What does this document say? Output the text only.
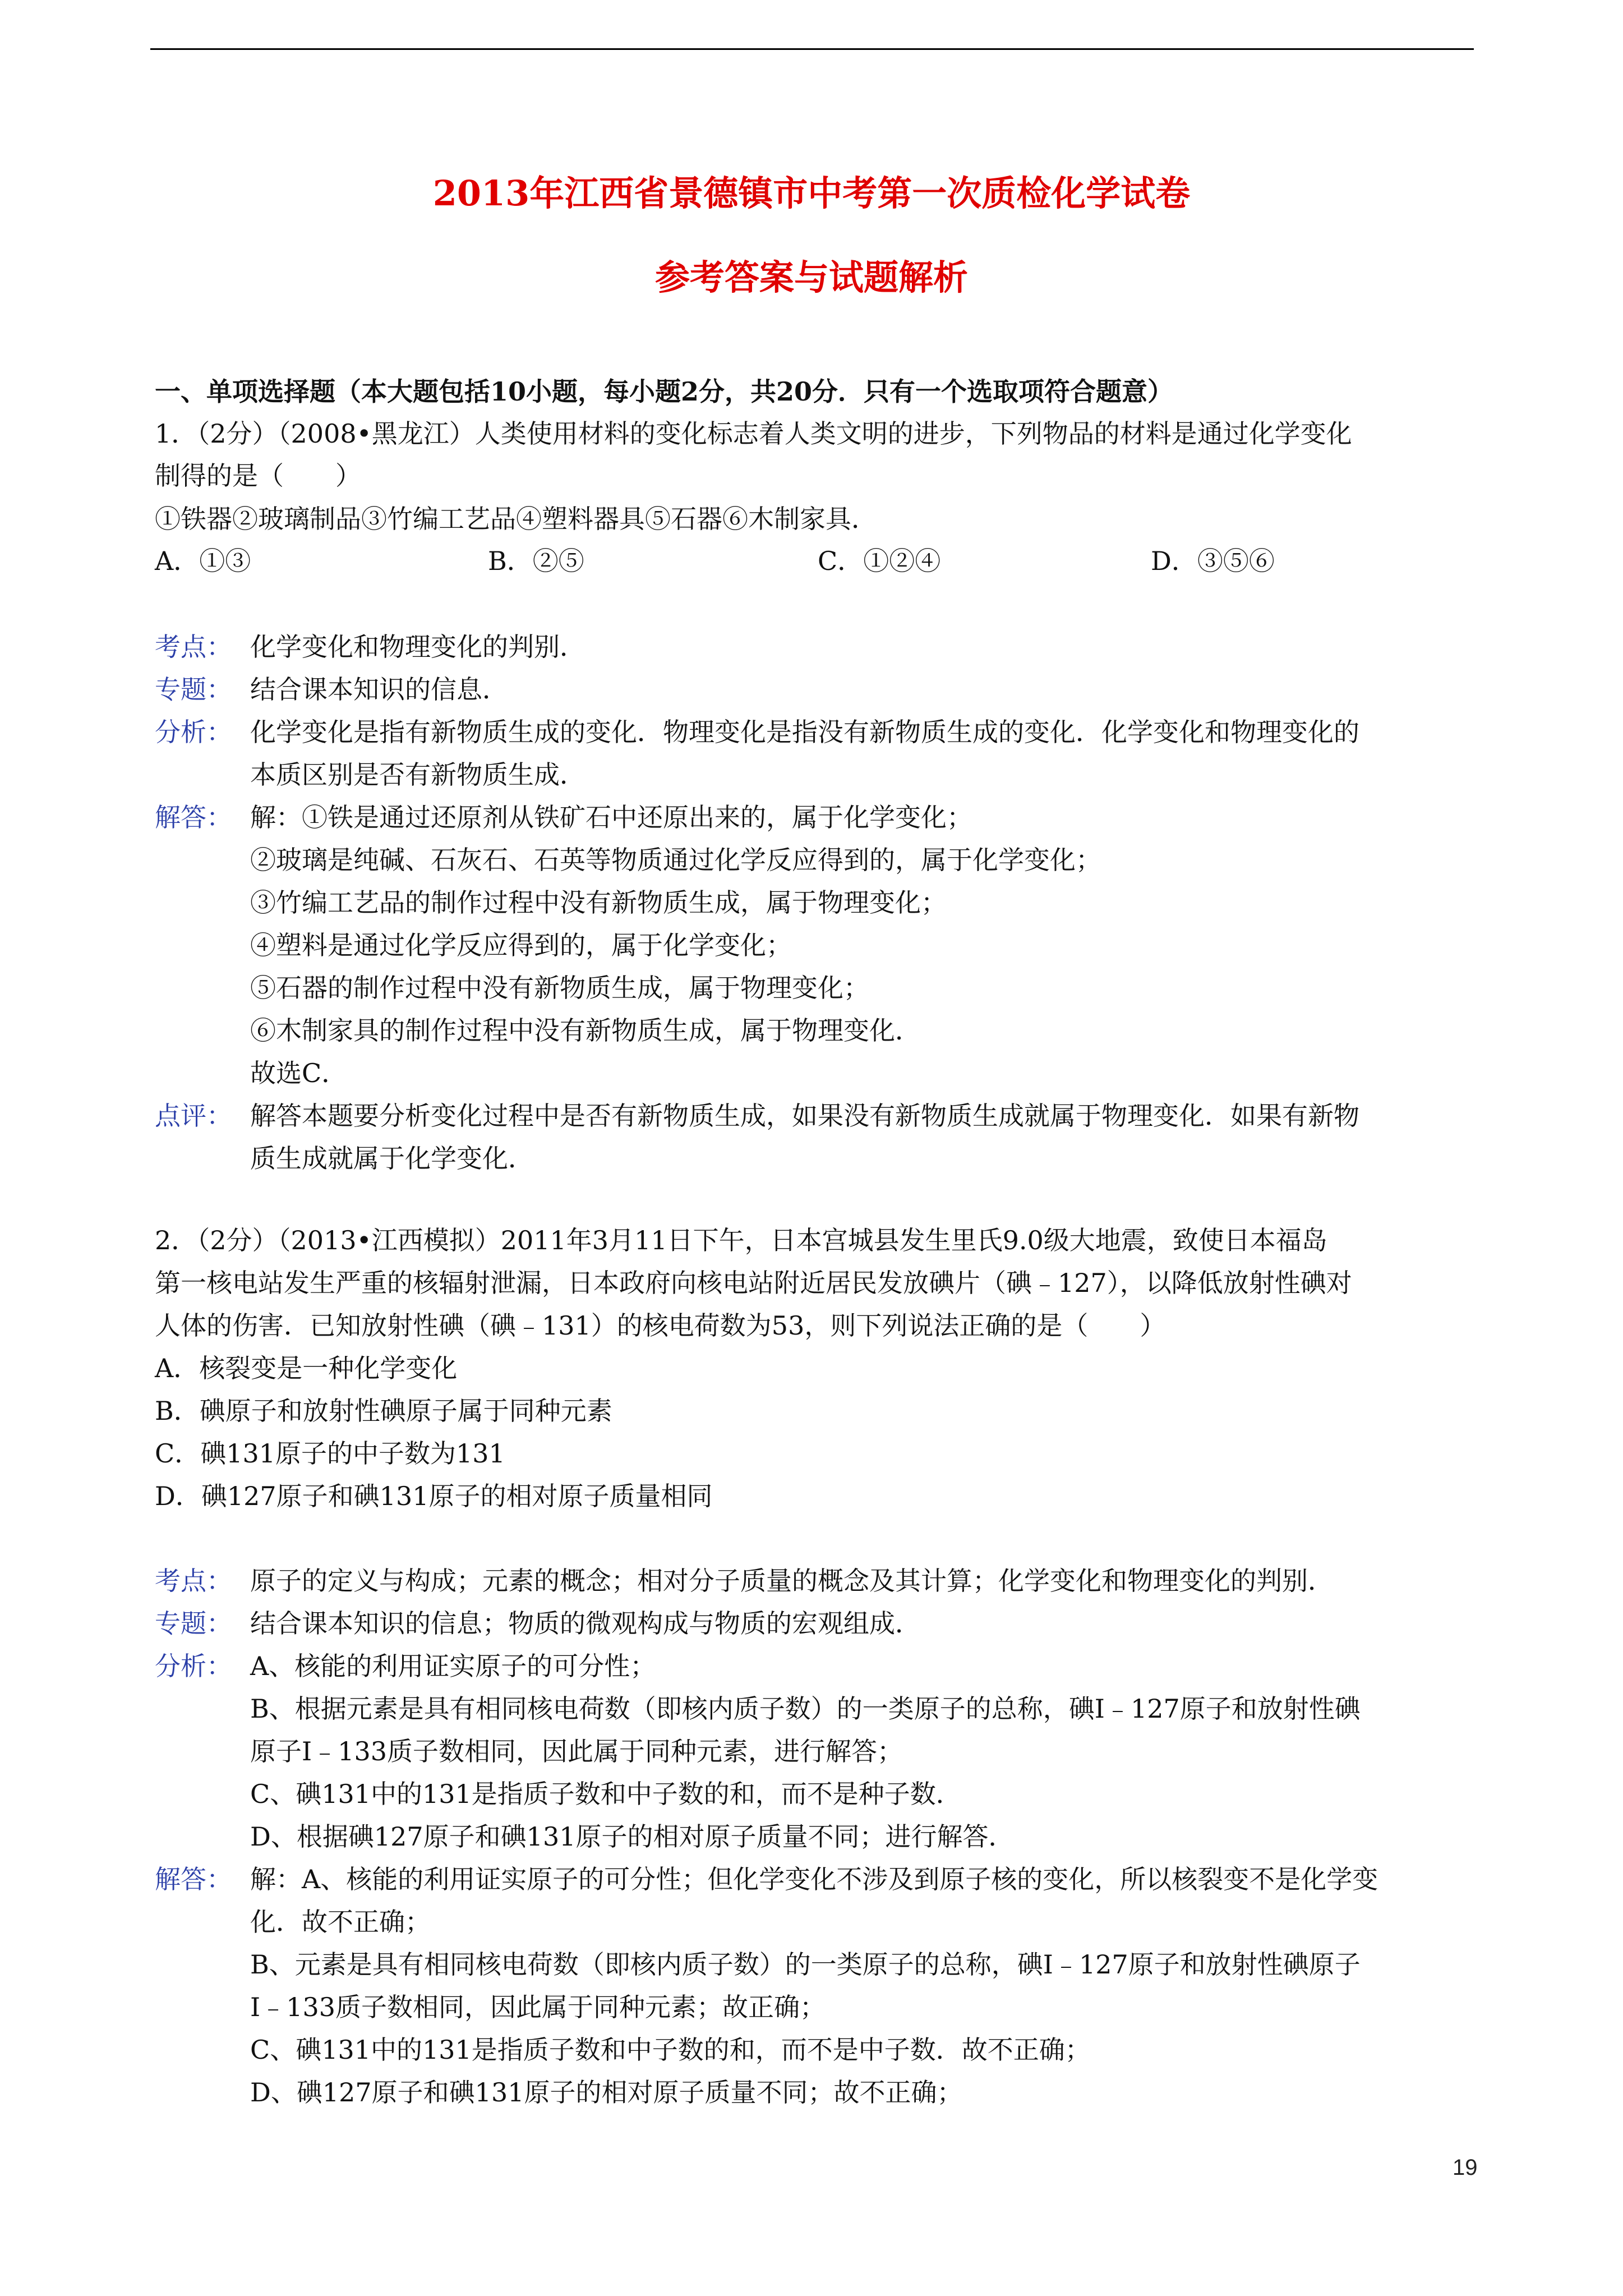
2013年江西省景德镇市中考第一次质检化学试卷
参考答案与试题解析
一、单项选择题（本大题包括10小题，每小题2分，共20分．只有一个选取项符合题意）
1．（2分）（2008•黑龙江）人类使用材料的变化标志着人类文明的进步，下列物品的材料是通过化学变化
制得的是（　　）
①铁器②玻璃制品③竹编工艺品④塑料器具⑤石器⑥木制家具．
A．①③	B．②⑤	C．①②④	D．③⑤⑥
考点： 化学变化和物理变化的判别．
专题： 结合课本知识的信息．
分析： 化学变化是指有新物质生成的变化．物理变化是指没有新物质生成的变化．化学变化和物理变化的
本质区别是否有新物质生成．
解答： 解：①铁是通过还原剂从铁矿石中还原出来的，属于化学变化；
②玻璃是纯碱、石灰石、石英等物质通过化学反应得到的，属于化学变化；
③竹编工艺品的制作过程中没有新物质生成，属于物理变化；
④塑料是通过化学反应得到的，属于化学变化；
⑤石器的制作过程中没有新物质生成，属于物理变化；
⑥木制家具的制作过程中没有新物质生成，属于物理变化．
故选C．
点评： 解答本题要分析变化过程中是否有新物质生成，如果没有新物质生成就属于物理变化．如果有新物
质生成就属于化学变化．
2．（2分）（2013•江西模拟）2011年3月11日下午，日本宫城县发生里氏9.0级大地震，致使日本福岛
第一核电站发生严重的核辐射泄漏，日本政府向核电站附近居民发放碘片（碘﹣127），以降低放射性碘对
人体的伤害．已知放射性碘（碘﹣131）的核电荷数为53，则下列说法正确的是（　　）
A．核裂变是一种化学变化
B．碘原子和放射性碘原子属于同种元素
C．碘131原子的中子数为131
D．碘127原子和碘131原子的相对原子质量相同
考点： 原子的定义与构成；元素的概念；相对分子质量的概念及其计算；化学变化和物理变化的判别．
专题： 结合课本知识的信息；物质的微观构成与物质的宏观组成．
分析： A、核能的利用证实原子的可分性；
B、根据元素是具有相同核电荷数（即核内质子数）的一类原子的总称，碘Ⅰ﹣127原子和放射性碘
原子Ⅰ﹣133质子数相同，因此属于同种元素，进行解答；
C、碘131中的131是指质子数和中子数的和，而不是种子数．
D、根据碘127原子和碘131原子的相对原子质量不同；进行解答．
解答： 解：A、核能的利用证实原子的可分性；但化学变化不涉及到原子核的变化，所以核裂变不是化学变
化．故不正确；
B、元素是具有相同核电荷数（即核内质子数）的一类原子的总称，碘Ⅰ﹣127原子和放射性碘原子
Ⅰ﹣133质子数相同，因此属于同种元素；故正确；
C、碘131中的131是指质子数和中子数的和，而不是中子数．故不正确；
D、碘127原子和碘131原子的相对原子质量不同；故不正确；
19
